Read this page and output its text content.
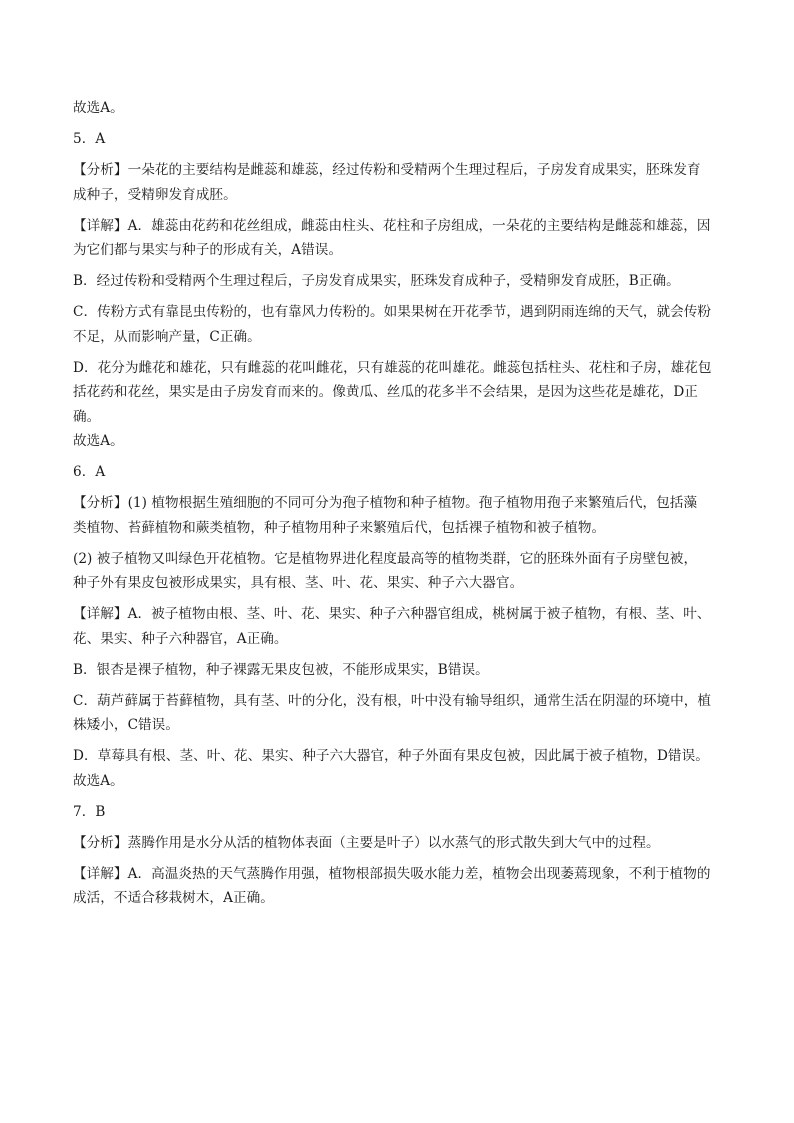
故选A。
5．A
【分析】一朵花的主要结构是雌蕊和雄蕊，经过传粉和受精两个生理过程后，子房发育成果实，胚珠发育
成种子，受精卵发育成胚。
【详解】A．雄蕊由花药和花丝组成，雌蕊由柱头、花柱和子房组成，一朵花的主要结构是雌蕊和雄蕊，因
为它们都与果实与种子的形成有关，A错误。
B．经过传粉和受精两个生理过程后，子房发育成果实，胚珠发育成种子，受精卵发育成胚，B正确。
C．传粉方式有靠昆虫传粉的，也有靠风力传粉的。如果果树在开花季节，遇到阴雨连绵的天气，就会传粉
不足，从而影响产量，C正确。
D．花分为雌花和雄花，只有雌蕊的花叫雌花，只有雄蕊的花叫雄花。雌蕊包括柱头、花柱和子房，雄花包
括花药和花丝，果实是由子房发育而来的。像黄瓜、丝瓜的花多半不会结果，是因为这些花是雄花，D正
确。
故选A。
6．A
【分析】(1) 植物根据生殖细胞的不同可分为孢子植物和种子植物。孢子植物用孢子来繁殖后代，包括藻
类植物、苔藓植物和蕨类植物，种子植物用种子来繁殖后代，包括裸子植物和被子植物。
(2) 被子植物又叫绿色开花植物。它是植物界进化程度最高等的植物类群，它的胚珠外面有子房壁包被，
种子外有果皮包被形成果实，具有根、茎、叶、花、果实、种子六大器官。
【详解】A．被子植物由根、茎、叶、花、果实、种子六种器官组成，桃树属于被子植物，有根、茎、叶、
花、果实、种子六种器官，A正确。
B．银杏是裸子植物，种子裸露无果皮包被，不能形成果实，B错误。
C．葫芦藓属于苔藓植物，具有茎、叶的分化，没有根，叶中没有输导组织，通常生活在阴湿的环境中，植
株矮小，C错误。
D．草莓具有根、茎、叶、花、果实、种子六大器官，种子外面有果皮包被，因此属于被子植物，D错误。
故选A。
7．B
【分析】蒸腾作用是水分从活的植物体表面（主要是叶子）以水蒸气的形式散失到大气中的过程。
【详解】A．高温炎热的天气蒸腾作用强，植物根部损失吸水能力差，植物会出现萎蔫现象，不利于植物的
成活，不适合移栽树木，A正确。
